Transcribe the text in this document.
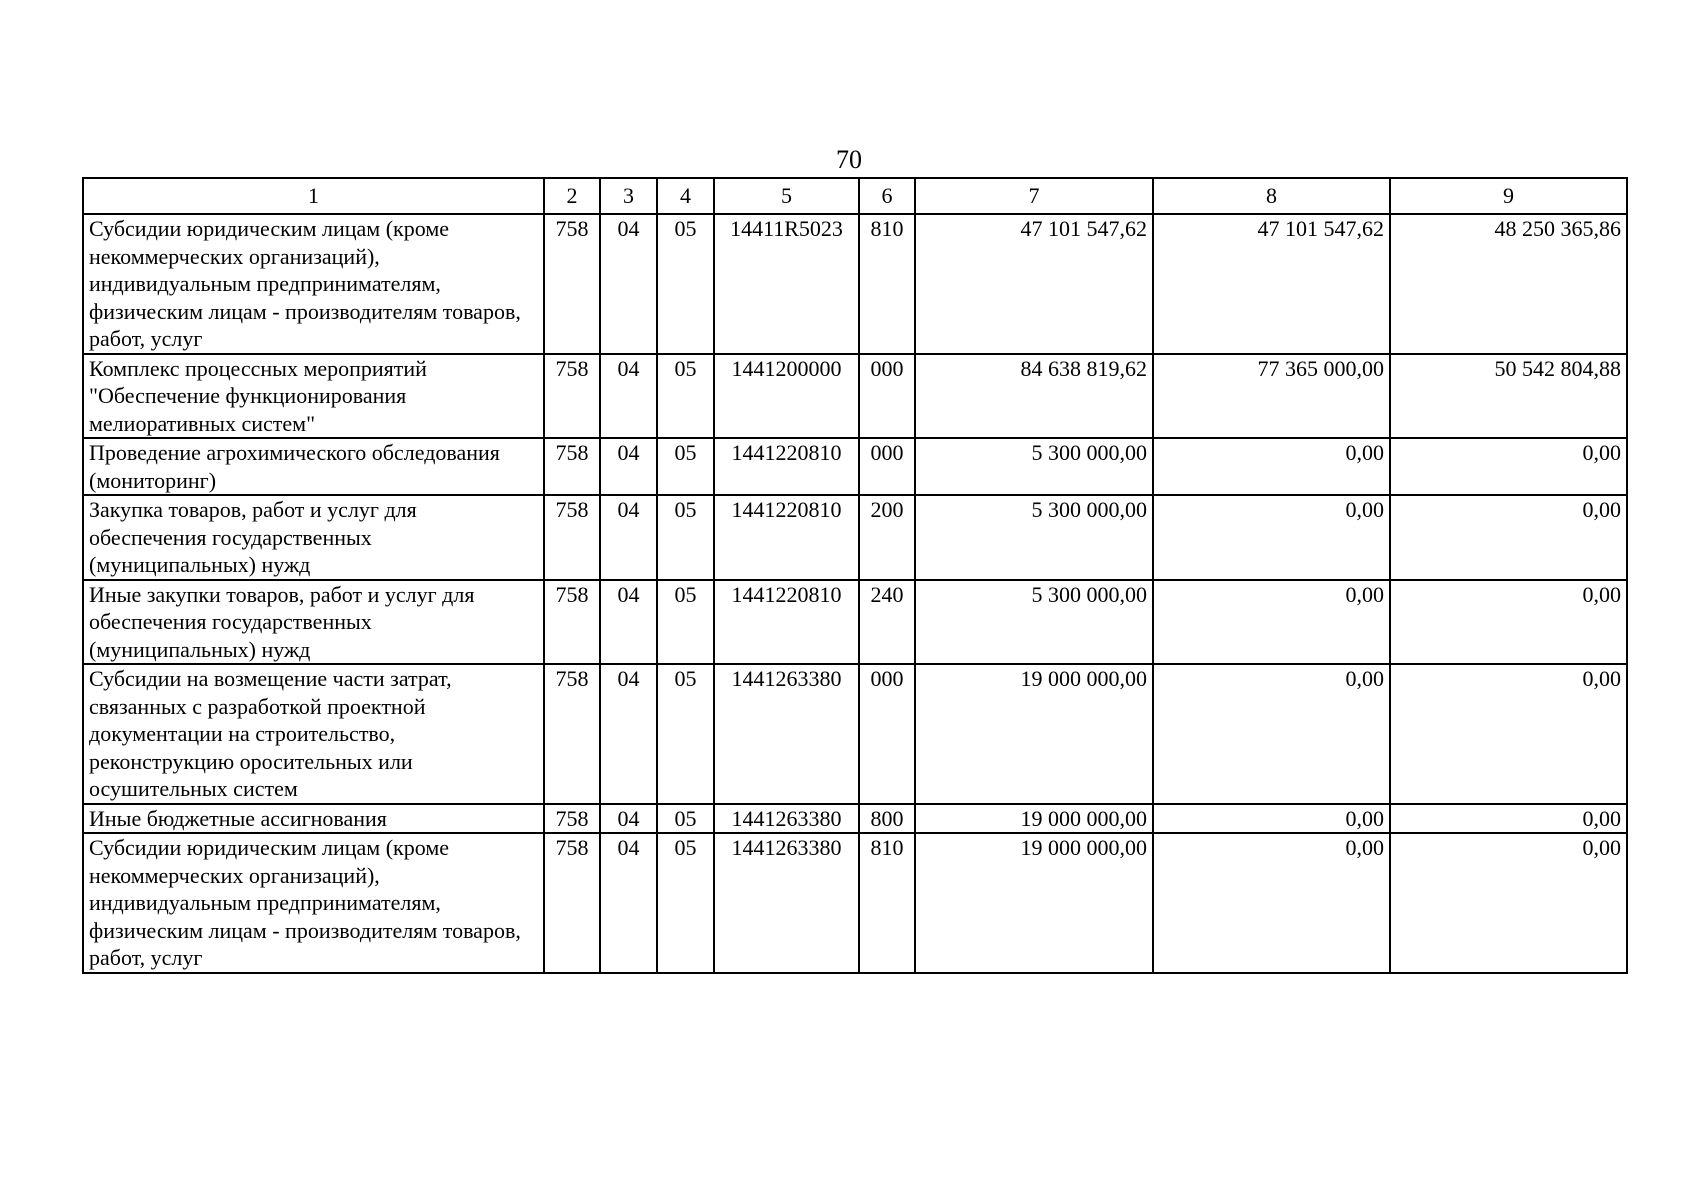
70
1	2	3	4	5	6	7	8	9
Субсидии юридическим лицам (кроме некоммерческих организаций), индивидуальным предпринимателям, физическим лицам - производителям товаров, работ, услуг	758	04	05	14411R5023	810	47 101 547,62	47 101 547,62	48 250 365,86
Комплекс процессных мероприятий "Обеспечение функционирования мелиоративных систем"	758	04	05	1441200000	000	84 638 819,62	77 365 000,00	50 542 804,88
Проведение агрохимического обследования (мониторинг)	758	04	05	1441220810	000	5 300 000,00	0,00	0,00
Закупка товаров, работ и услуг для обеспечения государственных (муниципальных) нужд	758	04	05	1441220810	200	5 300 000,00	0,00	0,00
Иные закупки товаров, работ и услуг для обеспечения государственных (муниципальных) нужд	758	04	05	1441220810	240	5 300 000,00	0,00	0,00
Субсидии на возмещение части затрат, связанных с разработкой проектной документации на строительство, реконструкцию оросительных или осушительных систем	758	04	05	1441263380	000	19 000 000,00	0,00	0,00
Иные бюджетные ассигнования	758	04	05	1441263380	800	19 000 000,00	0,00	0,00
Субсидии юридическим лицам (кроме некоммерческих организаций), индивидуальным предпринимателям, физическим лицам - производителям товаров, работ, услуг	758	04	05	1441263380	810	19 000 000,00	0,00	0,00
